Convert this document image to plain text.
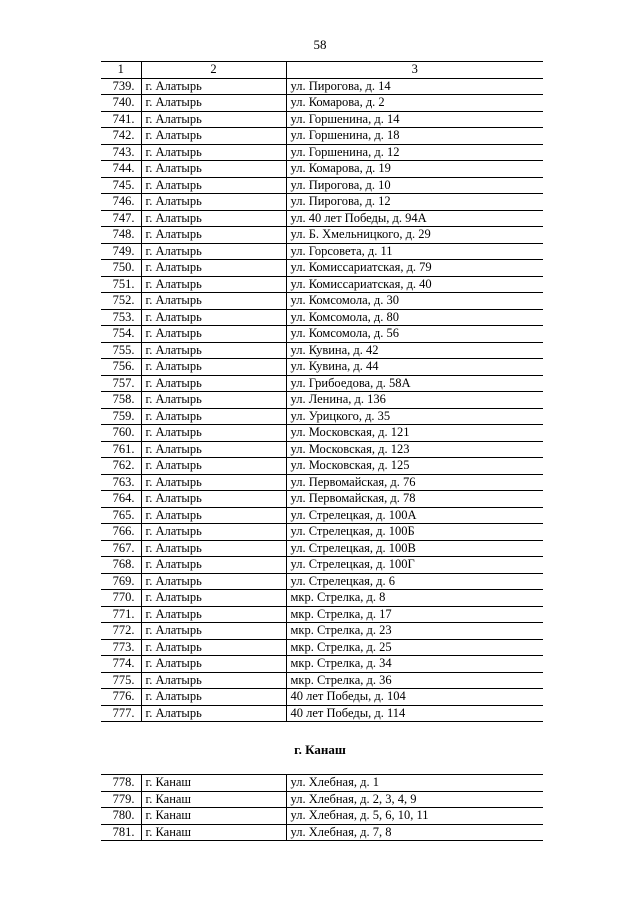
58
1	2	3
739.	г. Алатырь	ул. Пирогова, д. 14
740.	г. Алатырь	ул. Комарова, д. 2
741.	г. Алатырь	ул. Горшенина, д. 14
742.	г. Алатырь	ул. Горшенина, д. 18
743.	г. Алатырь	ул. Горшенина, д. 12
744.	г. Алатырь	ул. Комарова, д. 19
745.	г. Алатырь	ул. Пирогова, д. 10
746.	г. Алатырь	ул. Пирогова, д. 12
747.	г. Алатырь	ул. 40 лет Победы, д. 94А
748.	г. Алатырь	ул. Б. Хмельницкого, д. 29
749.	г. Алатырь	ул. Горсовета, д. 11
750.	г. Алатырь	ул. Комиссариатская, д. 79
751.	г. Алатырь	ул. Комиссариатская, д. 40
752.	г. Алатырь	ул. Комсомола, д. 30
753.	г. Алатырь	ул. Комсомола, д. 80
754.	г. Алатырь	ул. Комсомола, д. 56
755.	г. Алатырь	ул. Кувина, д. 42
756.	г. Алатырь	ул. Кувина, д. 44
757.	г. Алатырь	ул. Грибоедова, д. 58А
758.	г. Алатырь	ул. Ленина, д. 136
759.	г. Алатырь	ул. Урицкого, д. 35
760.	г. Алатырь	ул. Московская, д. 121
761.	г. Алатырь	ул. Московская, д. 123
762.	г. Алатырь	ул. Московская, д. 125
763.	г. Алатырь	ул. Первомайская, д. 76
764.	г. Алатырь	ул. Первомайская, д. 78
765.	г. Алатырь	ул. Стрелецкая, д. 100А
766.	г. Алатырь	ул. Стрелецкая, д. 100Б
767.	г. Алатырь	ул. Стрелецкая, д. 100В
768.	г. Алатырь	ул. Стрелецкая, д. 100Г
769.	г. Алатырь	ул. Стрелецкая, д. 6
770.	г. Алатырь	мкр. Стрелка, д. 8
771.	г. Алатырь	мкр. Стрелка, д. 17
772.	г. Алатырь	мкр. Стрелка, д. 23
773.	г. Алатырь	мкр. Стрелка, д. 25
774.	г. Алатырь	мкр. Стрелка, д. 34
775.	г. Алатырь	мкр. Стрелка, д. 36
776.	г. Алатырь	40 лет Победы, д. 104
777.	г. Алатырь	40 лет Победы, д. 114
г. Канаш
778.	г. Канаш	ул. Хлебная, д. 1
779.	г. Канаш	ул. Хлебная, д. 2, 3, 4, 9
780.	г. Канаш	ул. Хлебная, д. 5, 6, 10, 11
781.	г. Канаш	ул. Хлебная, д. 7, 8
